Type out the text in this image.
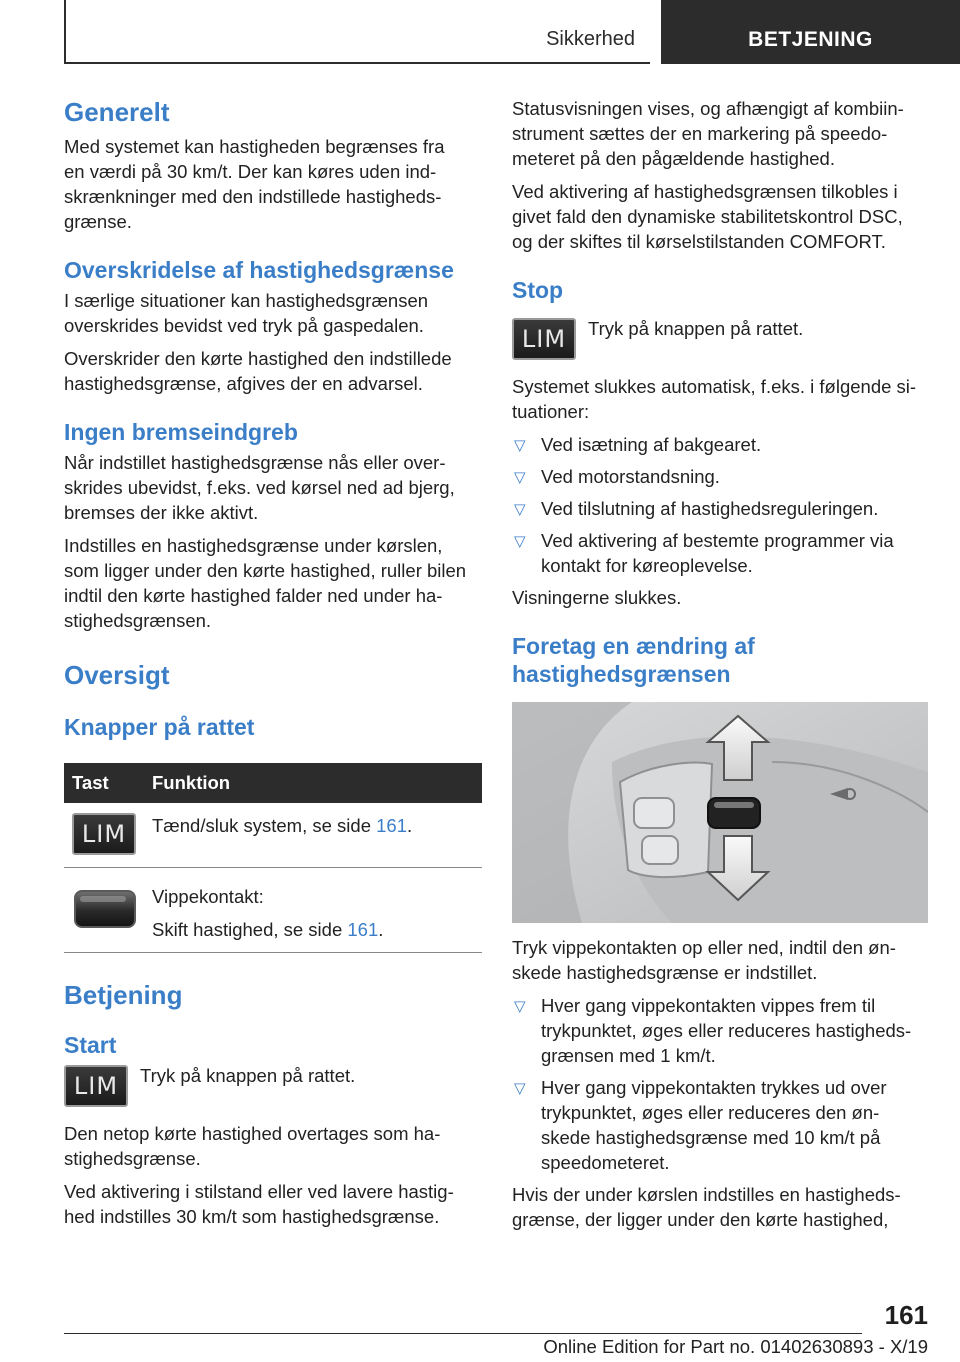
Sikkerhed	BETJENING
Generelt

Med systemet kan hastigheden begrænses fra
en værdi på 30 km/t. Der kan køres uden ind-
skrænkninger med den indstillede hastigheds-
grænse.

Overskridelse af hastighedsgrænse

I særlige situationer kan hastighedsgrænsen
overskrides bevidst ved tryk på gaspedalen.

Overskrider den kørte hastighed den indstillede
hastighedsgrænse, afgives der en advarsel.

Ingen bremseindgreb

Når indstillet hastighedsgrænse nås eller over-
skrides ubevidst, f.eks. ved kørsel ned ad bjerg,
bremses der ikke aktivt.

Indstilles en hastighedsgrænse under kørslen,
som ligger under den kørte hastighed, ruller bilen
indtil den kørte hastighed falder ned under ha-
stighedsgrænsen.

Oversigt
Knapper på rattet
Tast	Funktion
LIM	Tænd/sluk system, se side 161.

Vippekontakt:

Skift hastighed, se side 161.

Betjening
Start
LIM	Tryk på knappen på rattet.

Den netop kørte hastighed overtages som ha-
stighedsgrænse.

Ved aktivering i stilstand eller ved lavere hastig-
hed indstilles 30 km/t som hastighedsgrænse.

Statusvisningen vises, og afhængigt af kombiin-
strument sættes der en markering på speedo-
meteret på den pågældende hastighed.

Ved aktivering af hastighedsgrænsen tilkobles i
givet fald den dynamiske stabilitetskontrol DSC,
og der skiftes til kørselstilstanden COMFORT.

Stop
LIM	Tryk på knappen på rattet.

Systemet slukkes automatisk, f.eks. i følgende si-
tuationer:

▽ Ved isætning af bakgearet.
▽ Ved motorstandsning.
▽ Ved tilslutning af hastighedsreguleringen.
▽ Ved aktivering af bestemte programmer via
kontakt for køreoplevelse.

Visningerne slukkes.

Foretag en ændring af
hastighedsgrænsen

Tryk vippekontakten op eller ned, indtil den øn-
skede hastighedsgrænse er indstillet.

▽ Hver gang vippekontakten vippes frem til
trykpunktet, øges eller reduceres hastigheds-
grænsen med 1 km/t.
▽ Hver gang vippekontakten trykkes ud over
trykpunktet, øges eller reduceres den øn-
skede hastighedsgrænse med 10 km/t på
speedometeret.

Hvis der under kørslen indstilles en hastigheds-
grænse, der ligger under den kørte hastighed,

161
Online Edition for Part no. 01402630893 - X/19
